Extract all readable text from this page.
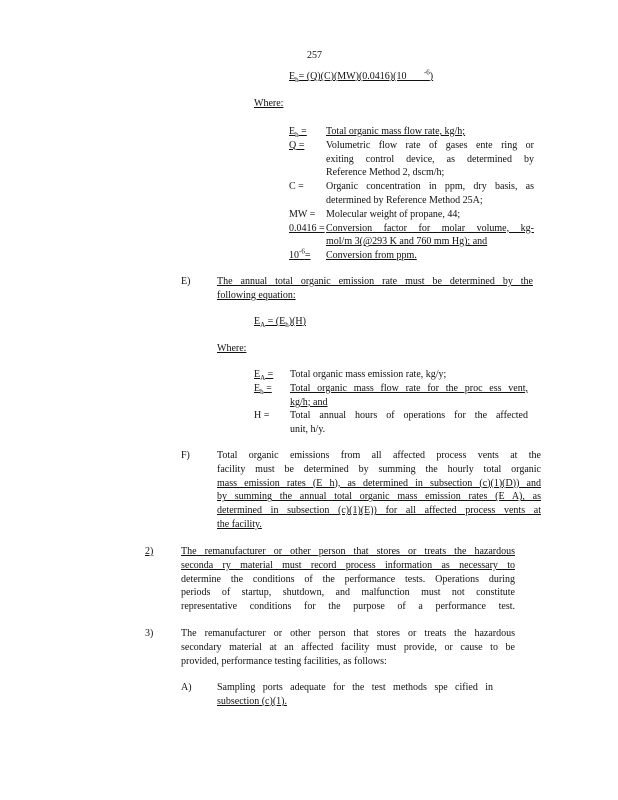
257
$E_h= (Q)(C)(MW)(0.0416)(10$	$^{-6}$)
Where:
$E_h$ = Total organic mass flow rate, kg/h;
Q = Volumetric flow rate of gases ente ring or
exiting control device, as determined by
Reference Method 2, dscm/h;
C = Organic concentration in ppm, dry basis, as
determined by Reference Method 25A;
MW = Molecular weight of propane, 44;
0.0416 = Conversion factor for molar volume, kg-
mol/m 3(@293 K and 760 mm Hg); and
$10^{-6}=$ Conversion from ppm.
E)	The annual total organic emission rate must be determined by the
following equation:
$E_A = (E_h)(H)$
Where:
$E_A$ = Total organic mass emission rate, kg/y;
$E_h$ = Total organic mass flow rate for the proc ess vent,
kg/h; and
H = Total annual hours of operations for the affected
unit, h/y.
F)	Total organic emissions from all affected process vents at the
facility must be determined by summing the hourly total organic
mass emission rates (E h), as determined in subsection (c)(1)(D)) and
by summing the annual total organic mass emission rates (E A), as
determined in subsection (c)(1)(E)) for all affected process vents at
the facility.
2)	The remanufacturer or other person that stores or treats the hazardous
seconda ry material must record process information as necessary to
determine the conditions of the performance tests. Operations during
periods of startup, shutdown, and malfunction must not constitute
representative conditions for the purpose of a performance test.
3)	The remanufacturer or other person that stores or treats the hazardous
secondary material at an affected facility must provide, or cause to be
provided, performance testing facilities, as follows:
A)	Sampling ports adequate for the test methods spe cified in
subsection (c)(1).
